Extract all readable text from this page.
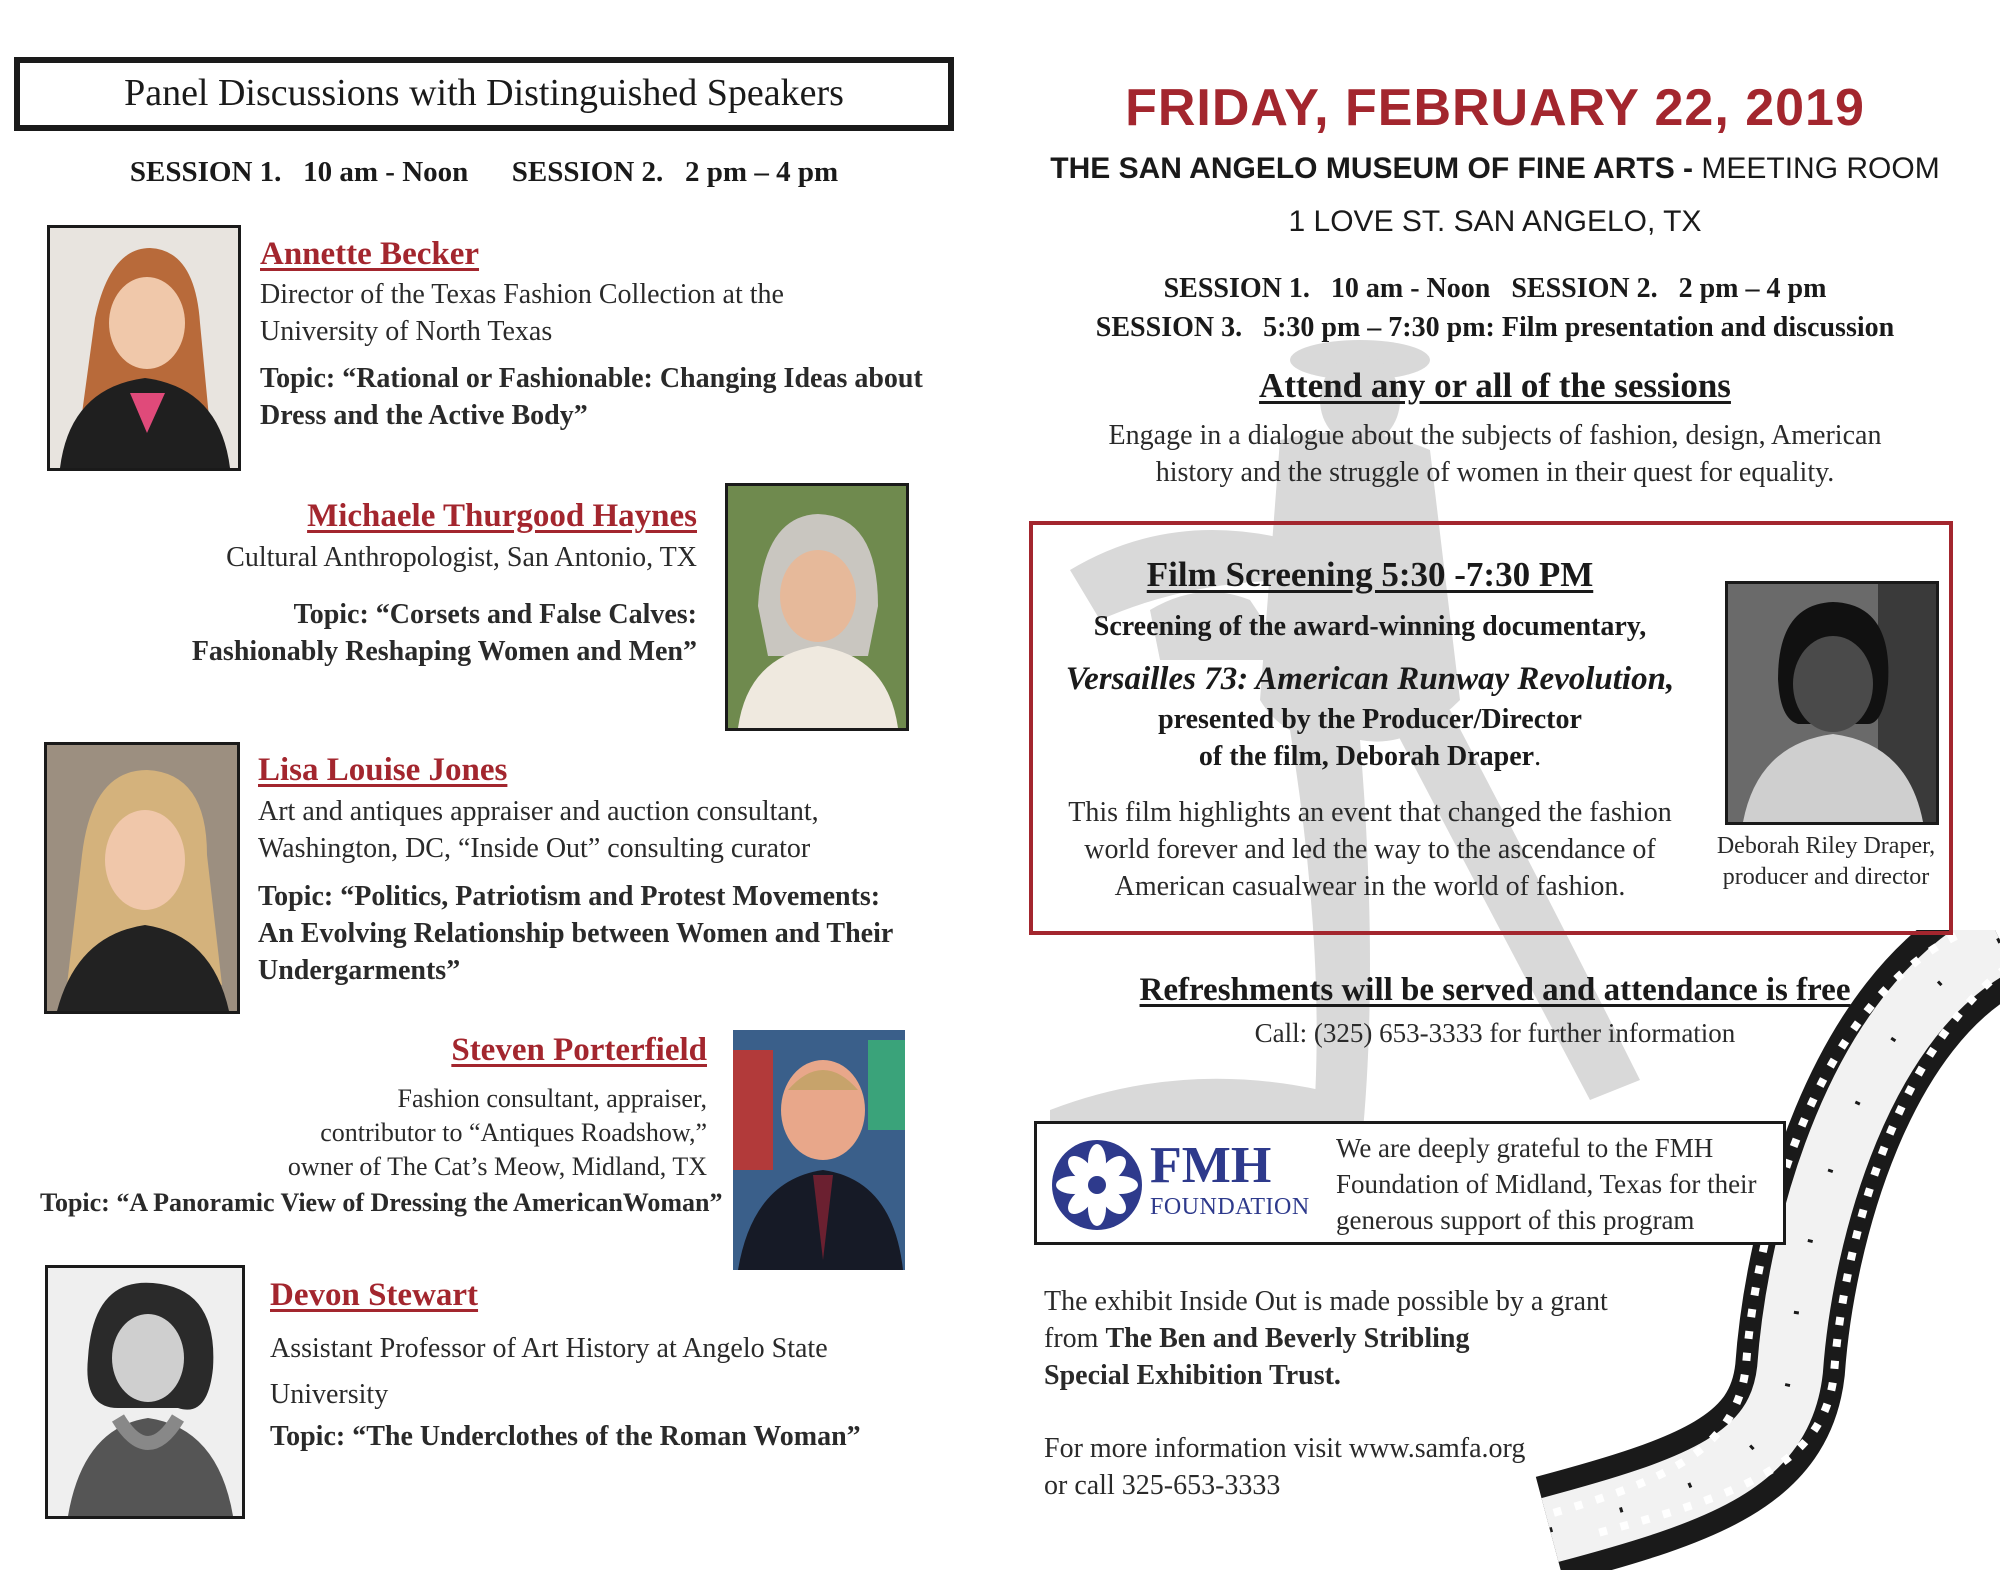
Panel Discussions with Distinguished Speakers
SESSION 1.   10 am - Noon      SESSION 2.   2 pm – 4 pm
Annette Becker
Director of the Texas Fashion Collection at the
University of North Texas
Topic: “Rational or Fashionable: Changing Ideas about
Dress and the Active Body”
Michaele Thurgood Haynes
Cultural Anthropologist, San Antonio, TX
Topic: “Corsets and False Calves:
Fashionably Reshaping Women and Men”
Lisa Louise Jones
Art and antiques appraiser and auction consultant,
Washington, DC, “Inside Out” consulting curator
Topic: “Politics, Patriotism and Protest Movements:
An Evolving Relationship between Women and Their
Undergarments”
Steven Porterfield
Fashion consultant, appraiser,
contributor to “Antiques Roadshow,”
owner of The Cat’s Meow, Midland, TX
Topic: “A Panoramic View of Dressing the AmericanWoman”
Devon Stewart
Assistant Professor of Art History at Angelo State
University
Topic: “The Underclothes of the Roman Woman”
FRIDAY, FEBRUARY 22, 2019
THE SAN ANGELO MUSEUM OF FINE ARTS - MEETING ROOM
1 LOVE ST. SAN ANGELO, TX
SESSION 1.   10 am - Noon   SESSION 2.   2 pm – 4 pm
SESSION 3.   5:30 pm – 7:30 pm: Film presentation and discussion
Attend any or all of the sessions
Engage in a dialogue about the subjects of fashion, design, American
history and the struggle of women in their quest for equality.
Film Screening 5:30 -7:30 PM
Screening of the award-winning documentary,
Versailles 73: American Runway Revolution,
presented by the Producer/Director
of the film, Deborah Draper.
This film highlights an event that changed the fashion
world forever and led the way to the ascendance of
American casualwear in the world of fashion.
Deborah Riley Draper,
producer and director
Refreshments will be served and attendance is free
Call: (325) 653-3333 for further information
FMH
FOUNDATION
We are deeply grateful to the FMH
Foundation of Midland, Texas for their
generous support of this program
The exhibit Inside Out is made possible by a grant
from The Ben and Beverly Stribling
Special Exhibition Trust.
For more information visit www.samfa.org
or call 325-653-3333
